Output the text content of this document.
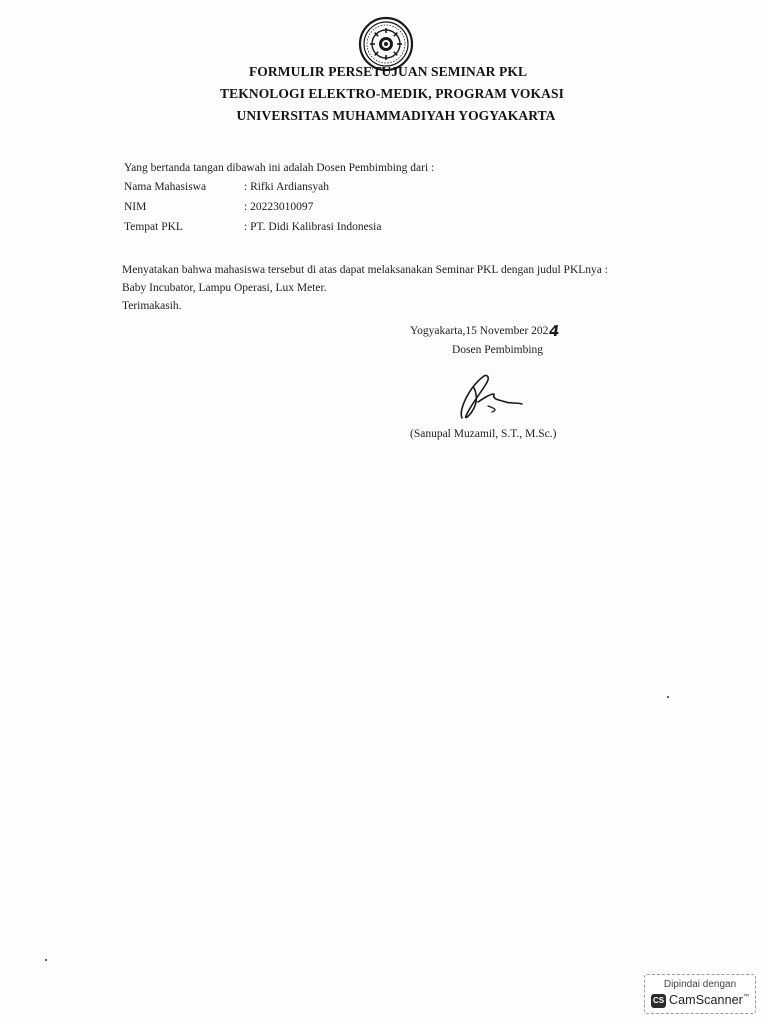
FORMULIR PERSETUJUAN SEMINAR PKL
TEKNOLOGI ELEKTRO-MEDIK, PROGRAM VOKASI
UNIVERSITAS MUHAMMADIYAH YOGYAKARTA
Yang bertanda tangan dibawah ini adalah Dosen Pembimbing dari :
Nama Mahasiswa	: Rifki Ardiansyah
NIM	: 20223010097
Tempat PKL	: PT. Didi Kalibrasi Indonesia
Menyatakan bahwa mahasiswa tersebut di atas dapat melaksanakan Seminar PKL dengan judul PKLnya :
Baby Incubator, Lampu Operasi, Lux Meter.
Terimakasih.
Yogyakarta,15 November 2024
Dosen Pembimbing
(Sanupal Muzamil, S.T., M.Sc.)
Dipindai dengan
CS CamScanner™
